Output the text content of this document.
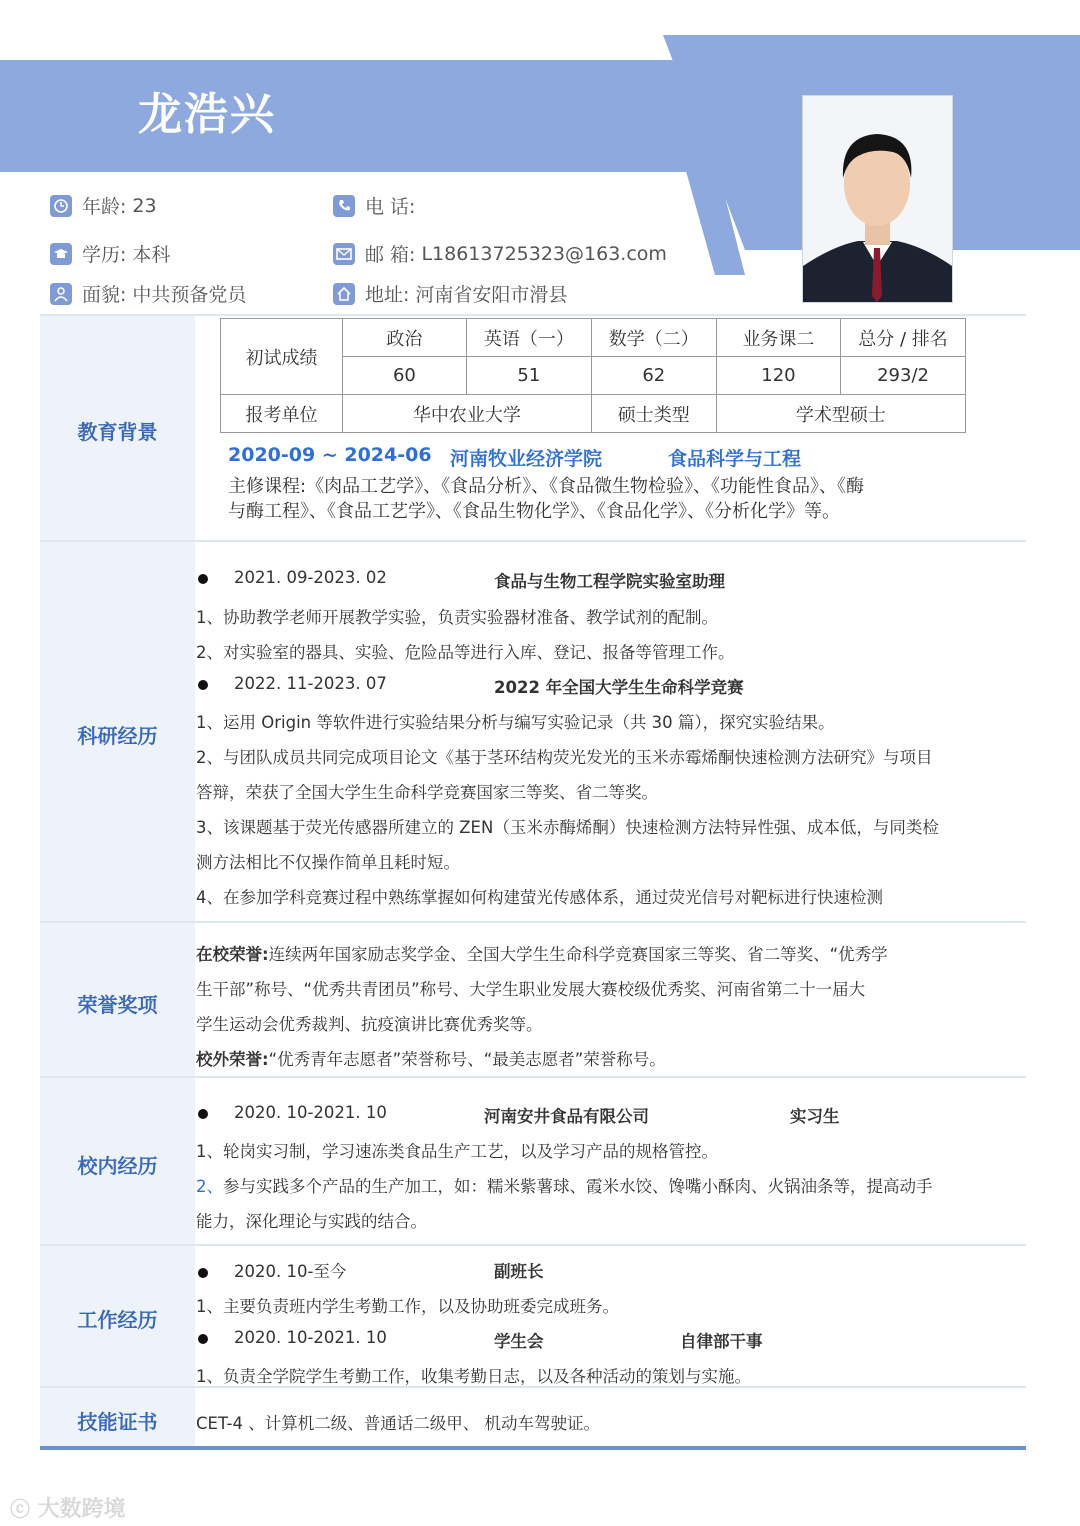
龙浩兴
年龄: 23	电 话:
学历: 本科	邮 箱: L18613725323@163.com
面貌: 中共预备党员	地址: 河南省安阳市滑县
教育背景
初试成绩	政治	英语（一）	数学（二）	业务课二	总分 / 排名
	60	51	62	120	293/2
报考单位	华中农业大学		硕士类型	学术型硕士	
2020-09 ~ 2024-06 河南牧业经济学院	食品科学与工程
主修课程:《肉品工艺学》、《食品分析》、《食品微生物检验》、《功能性食品》、《酶
与酶工程》、《食品工艺学》、《食品生物化学》、《食品化学》、《分析化学》等。
科研经历
2021. 09-2023. 02	食品与生物工程学院实验室助理
1、协助教学老师开展教学实验，负责实验器材准备、教学试剂的配制。
2、对实验室的器具、实验、危险品等进行入库、登记、报备等管理工作。
2022. 11-2023. 07	2022 年全国大学生生命科学竞赛
1、运用 Origin 等软件进行实验结果分析与编写实验记录（共 30 篇），探究实验结果。
2、与团队成员共同完成项目论文《基于茎环结构荧光发光的玉米赤霉烯酮快速检测方法研究》与项目
答辩，荣获了全国大学生生命科学竞赛国家三等奖、省二等奖。
3、该课题基于荧光传感器所建立的 ZEN（玉米赤酶烯酮）快速检测方法特异性强、成本低，与同类检
测方法相比不仅操作简单且耗时短。
4、在参加学科竞赛过程中熟练掌握如何构建萤光传感体系，通过荧光信号对靶标进行快速检测
荣誉奖项
在校荣誉:连续两年国家励志奖学金、全国大学生生命科学竞赛国家三等奖、省二等奖、“优秀学
生干部”称号、“优秀共青团员”称号、大学生职业发展大赛校级优秀奖、河南省第二十一届大
学生运动会优秀裁判、抗疫演讲比赛优秀奖等。
校外荣誉:“优秀青年志愿者”荣誉称号、“最美志愿者”荣誉称号。
校内经历
2020. 10-2021. 10	河南安井食品有限公司	实习生
1、轮岗实习制，学习速冻类食品生产工艺，以及学习产品的规格管控。
2、参与实践多个产品的生产加工，如：糯米紫薯球、霞米水饺、馋嘴小酥肉、火锅油条等，提高动手
能力，深化理论与实践的结合。
工作经历
2020. 10-至今	副班长
1、主要负责班内学生考勤工作，以及协助班委完成班务。
2020. 10-2021. 10	学生会	自律部干事
1、负责全学院学生考勤工作，收集考勤日志，以及各种活动的策划与实施。
技能证书	CET-4 、计算机二级、普通话二级甲、 机动车驾驶证。
ⓒ 大数跨境
